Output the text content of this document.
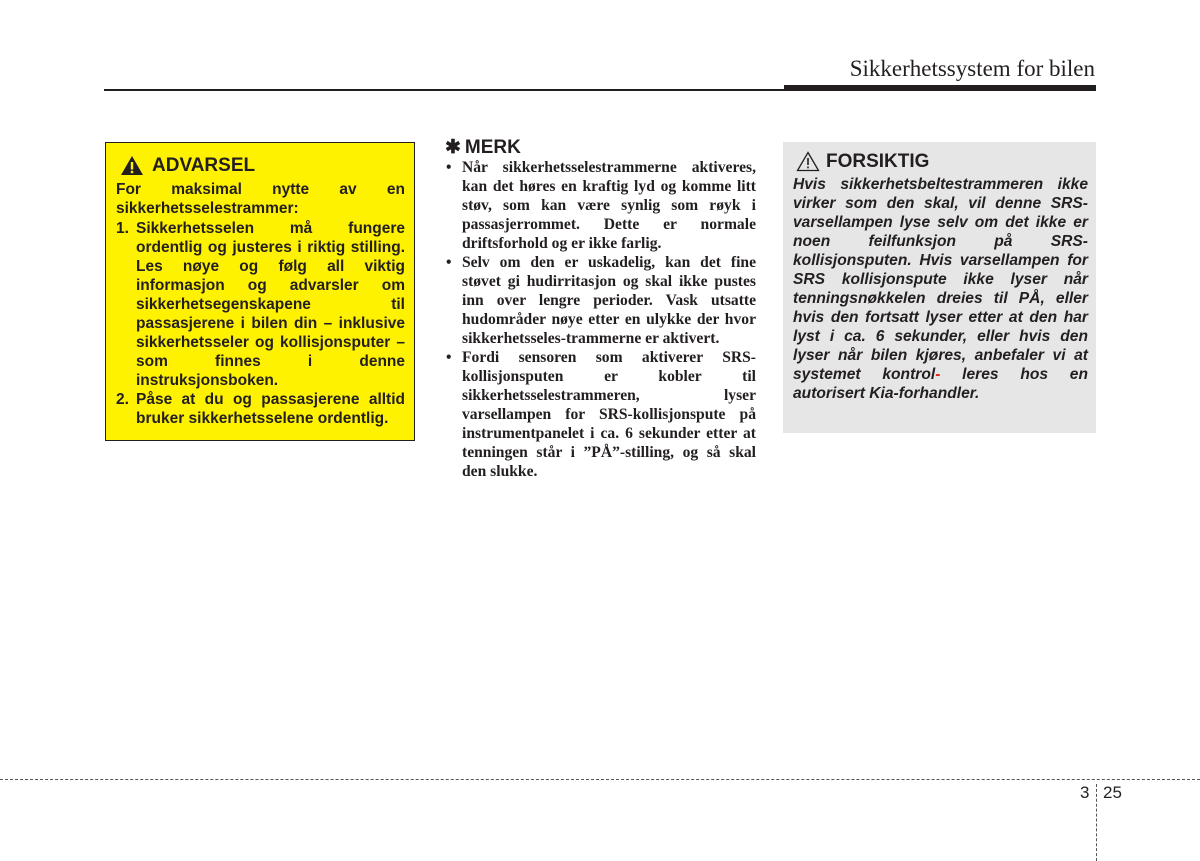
Sikkerhetssystem for bilen
ADVARSEL
For maksimal nytte av en
sikkerhetsselestrammer:
1. Sikkerhetsselen må fungere ordentlig og justeres i riktig stilling. Les nøye og følg all viktig informasjon og advarsler om sikkerhetsegenskapene til passasjerene i bilen din – inklusive sikkerhetsseler og kollisjonsputer – som finnes i denne instruksjonsboken.
2. Påse at du og passasjerene alltid bruker sikkerhetsselene ordentlig.
✱ MERK
• Når sikkerhetsselestrammerne aktiveres, kan det høres en kraftig lyd og komme litt støv, som kan være synlig som røyk i passasjerrommet. Dette er normale driftsforhold og er ikke farlig.
• Selv om den er uskadelig, kan det fine støvet gi hudirritasjon og skal ikke pustes inn over lengre perioder. Vask utsatte hudområder nøye etter en ulykke der hvor sikkerhetsseles-trammerne er aktivert.
• Fordi sensoren som aktiverer SRS-kollisjonsputen er kobler til sikkerhetsselestrammeren, lyser varsellampen for SRS-kollisjonspute på instrumentpanelet i ca. 6 sekunder etter at tenningen står i ”PÅ”-stilling, og så skal den slukke.
FORSIKTIG
Hvis sikkerhetsbeltestrammeren ikke virker som den skal, vil denne SRS-varsellampen lyse selv om det ikke er noen feilfunksjon på SRS-kollisjonsputen. Hvis varsellampen for SRS kollisjonspute ikke lyser når tenningsnøkkelen dreies til PÅ, eller hvis den fortsatt lyser etter at den har lyst i ca. 6 sekunder, eller hvis den lyser når bilen kjøres, anbefaler vi at systemet kontrol- leres hos en autorisert Kia-forhandler.
3 25
